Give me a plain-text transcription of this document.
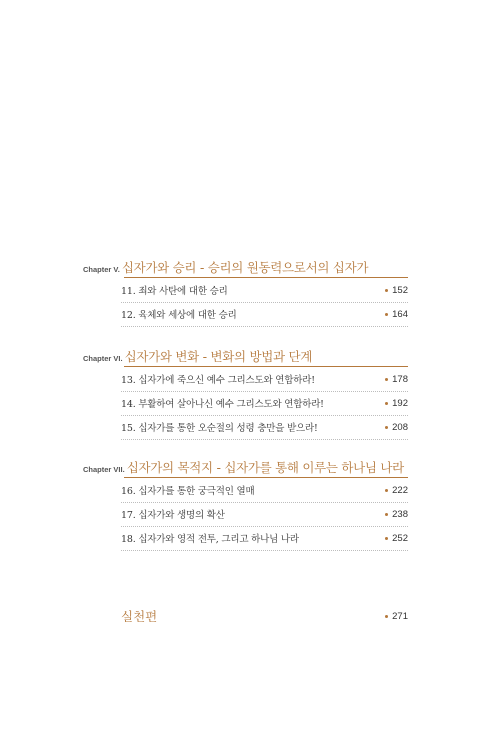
Chapter V. 십자가와 승리 - 승리의 원동력으로서의 십자가
11. 죄와 사탄에 대한 승리	152
12. 육체와 세상에 대한 승리	164
Chapter VI. 십자가와 변화 - 변화의 방법과 단계
13. 십자가에 죽으신 예수 그리스도와 연합하라!	178
14. 부활하여 살아나신 예수 그리스도와 연합하라!	192
15. 십자가를 통한 오순절의 성령 충만을 받으라!	208
Chapter VII. 십자가의 목적지 - 십자가를 통해 이루는 하나님 나라
16. 십자가를 통한 궁극적인 열매	222
17. 십자가와 생명의 확산	238
18. 십자가와 영적 전투, 그리고 하나님 나라	252
실천편	271
